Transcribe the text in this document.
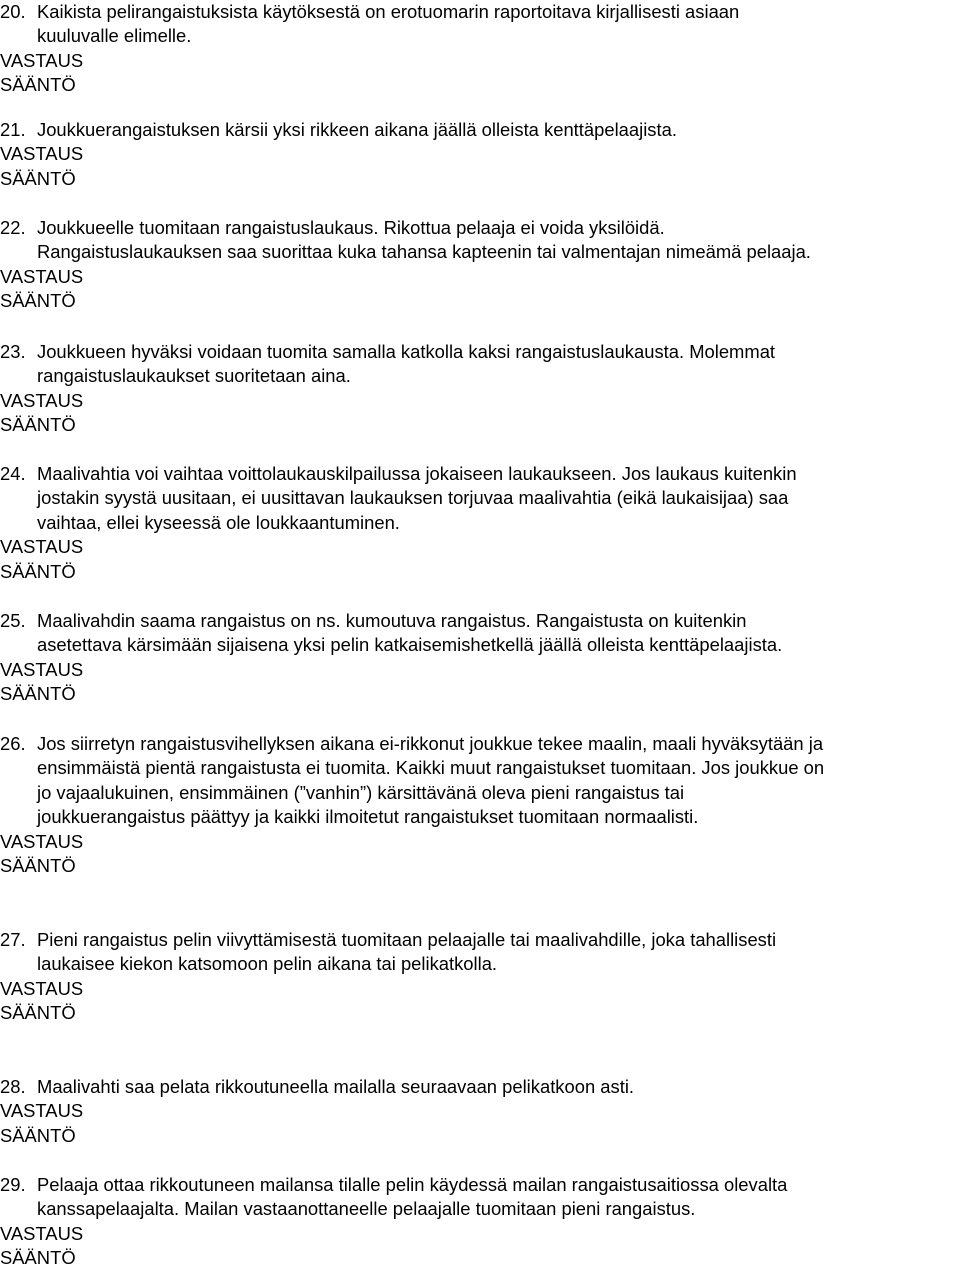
20. Kaikista pelirangaistuksista käytöksestä on erotuomarin raportoitava kirjallisesti asiaan
kuuluvalle elimelle.
VASTAUS
SÄÄNTÖ
21. Joukkuerangaistuksen kärsii yksi rikkeen aikana jäällä olleista kenttäpelaajista.
VASTAUS
SÄÄNTÖ
22. Joukkueelle tuomitaan rangaistuslaukaus. Rikottua pelaaja ei voida yksilöidä.
Rangaistuslaukauksen saa suorittaa kuka tahansa kapteenin tai valmentajan nimeämä pelaaja.
VASTAUS
SÄÄNTÖ
23. Joukkueen hyväksi voidaan tuomita samalla katkolla kaksi rangaistuslaukausta. Molemmat
rangaistuslaukaukset suoritetaan aina.
VASTAUS
SÄÄNTÖ
24. Maalivahtia voi vaihtaa voittolaukauskilpailussa jokaiseen laukaukseen. Jos laukaus kuitenkin
jostakin syystä uusitaan, ei uusittavan laukauksen torjuvaa maalivahtia (eikä laukaisijaa) saa
vaihtaa, ellei kyseessä ole loukkaantuminen.
VASTAUS
SÄÄNTÖ
25. Maalivahdin saama rangaistus on ns. kumoutuva rangaistus. Rangaistusta on kuitenkin
asetettava kärsimään sijaisena yksi pelin katkaisemishetkellä jäällä olleista kenttäpelaajista.
VASTAUS
SÄÄNTÖ
26. Jos siirretyn rangaistusvihellyksen aikana ei-rikkonut joukkue tekee maalin, maali hyväksytään ja
ensimmäistä pientä rangaistusta ei tuomita. Kaikki muut rangaistukset tuomitaan. Jos joukkue on
jo vajaalukuinen, ensimmäinen (”vanhin”) kärsittävänä oleva pieni rangaistus tai
joukkuerangaistus päättyy ja kaikki ilmoitetut rangaistukset tuomitaan normaalisti.
VASTAUS
SÄÄNTÖ
27. Pieni rangaistus pelin viivyttämisestä tuomitaan pelaajalle tai maalivahdille, joka tahallisesti
laukaisee kiekon katsomoon pelin aikana tai pelikatkolla.
VASTAUS
SÄÄNTÖ
28. Maalivahti saa pelata rikkoutuneella mailalla seuraavaan pelikatkoon asti.
VASTAUS
SÄÄNTÖ
29. Pelaaja ottaa rikkoutuneen mailansa tilalle pelin käydessä mailan rangaistusaitiossa olevalta
kanssapelaajalta. Mailan vastaanottaneelle pelaajalle tuomitaan pieni rangaistus.
VASTAUS
SÄÄNTÖ
